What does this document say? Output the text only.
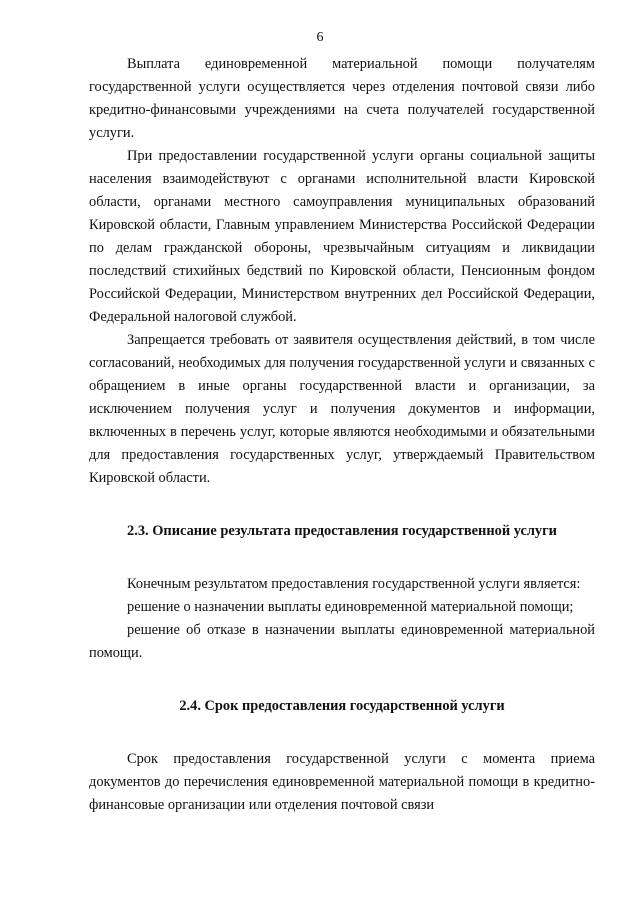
6

Выплата единовременной материальной помощи получателям государственной услуги осуществляется через отделения почтовой связи либо кредитно-финансовыми учреждениями на счета получателей государственной услуги.

При предоставлении государственной услуги органы социальной защиты населения взаимодействуют с органами исполнительной власти Кировской области, органами местного самоуправления муниципальных образований Кировской области, Главным управлением Министерства Российской Федерации по делам гражданской обороны, чрезвычайным ситуациям и ликвидации последствий стихийных бедствий по Кировской области, Пенсионным фондом Российской Федерации, Министерством внутренних дел Российской Федерации, Федеральной налоговой службой.

Запрещается требовать от заявителя осуществления действий, в том числе согласований, необходимых для получения государственной услуги и связанных с обращением в иные органы государственной власти и организации, за исключением получения услуг и получения документов и информации, включенных в перечень услуг, которые являются необходимыми и обязательными для предоставления государственных услуг, утверждаемый Правительством Кировской области.

2.3. Описание результата предоставления государственной услуги

Конечным результатом предоставления государственной услуги является:

решение о назначении выплаты единовременной материальной помощи;

решение об отказе в назначении выплаты единовременной материальной помощи.

2.4. Срок предоставления государственной услуги

Срок предоставления государственной услуги с момента приема документов до перечисления единовременной материальной помощи в кредитно-финансовые организации или отделения почтовой связи
